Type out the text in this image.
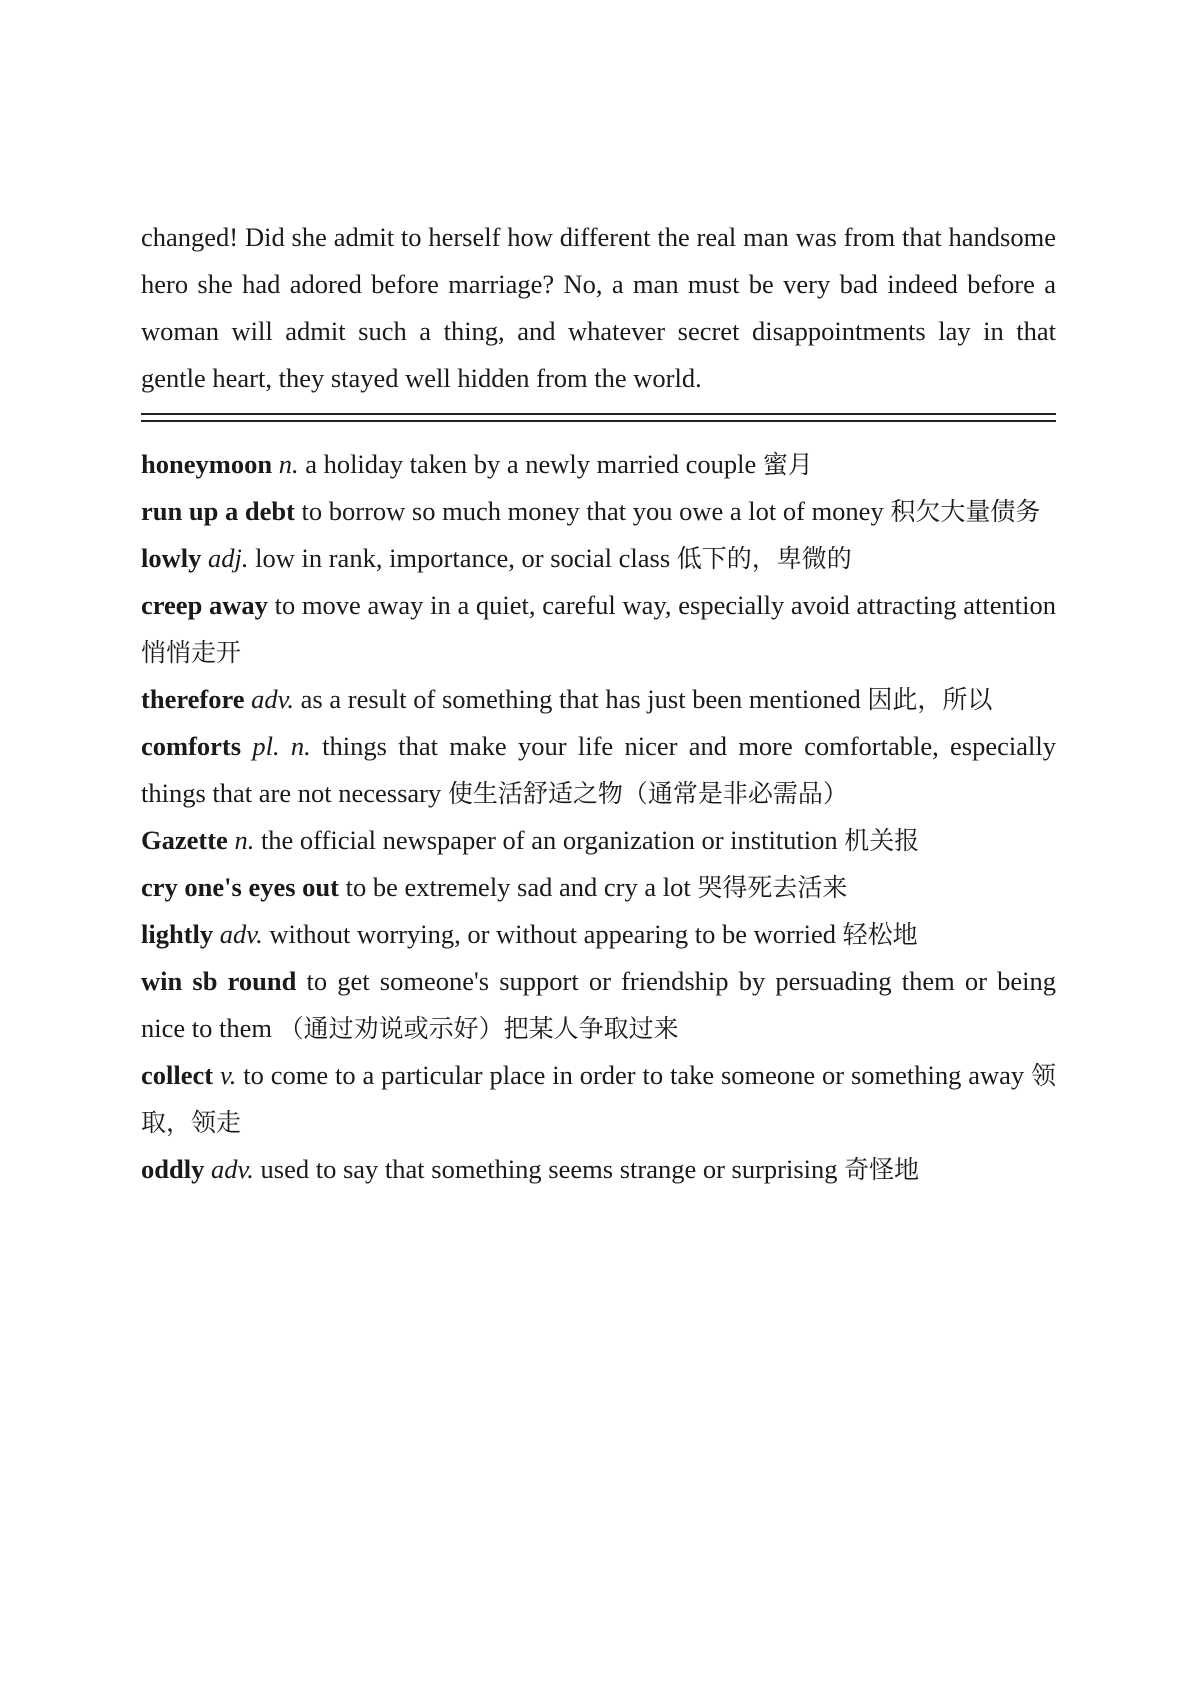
changed! Did she admit to herself how different the real man was from that handsome hero she had adored before marriage? No, a man must be very bad indeed before a woman will admit such a thing, and whatever secret disappointments lay in that gentle heart, they stayed well hidden from the world.

honeymoon n. a holiday taken by a newly married couple 蜜月

run up a debt to borrow so much money that you owe a lot of money 积欠大量债务

lowly adj. low in rank, importance, or social class 低下的，卑微的

creep away to move away in a quiet, careful way, especially avoid attracting attention 悄悄走开

therefore adv. as a result of something that has just been mentioned 因此，所以

comforts pl. n. things that make your life nicer and more comfortable, especially things that are not necessary 使生活舒适之物（通常是非必需品）

Gazette n. the official newspaper of an organization or institution 机关报

cry one's eyes out to be extremely sad and cry a lot 哭得死去活来

lightly adv. without worrying, or without appearing to be worried 轻松地

win sb round to get someone's support or friendship by persuading them or being nice to them （通过劝说或示好）把某人争取过来

collect v. to come to a particular place in order to take someone or something away 领取，领走

oddly adv. used to say that something seems strange or surprising 奇怪地
